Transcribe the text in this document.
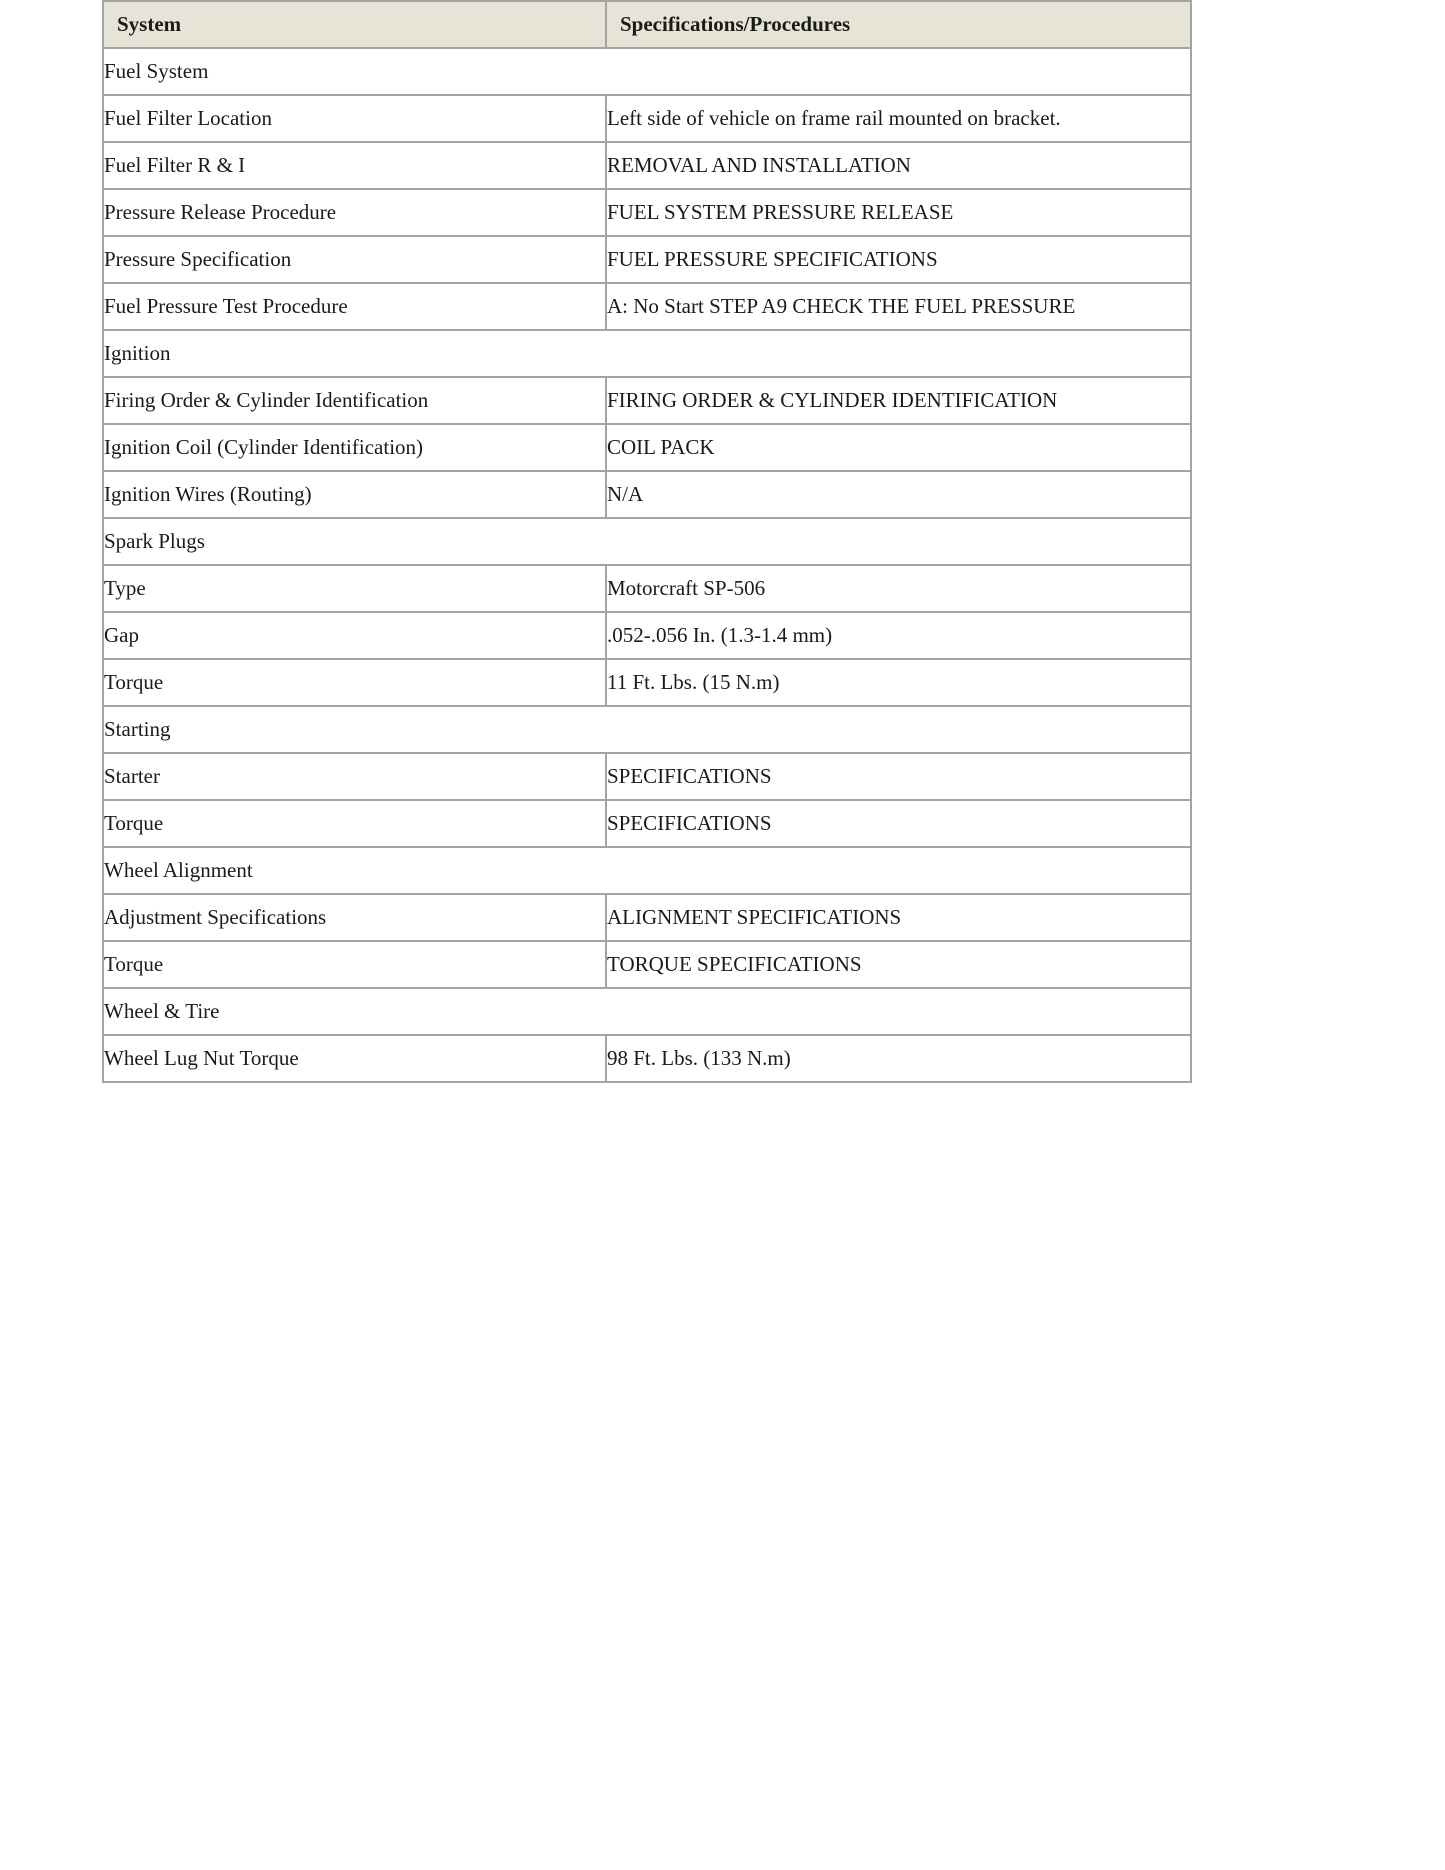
System	Specifications/Procedures
Fuel System	
Fuel Filter Location	Left side of vehicle on frame rail mounted on bracket.
Fuel Filter R & I	REMOVAL AND INSTALLATION
Pressure Release Procedure	FUEL SYSTEM PRESSURE RELEASE
Pressure Specification	FUEL PRESSURE SPECIFICATIONS
Fuel Pressure Test Procedure	A: No Start STEP A9 CHECK THE FUEL PRESSURE
Ignition	
Firing Order & Cylinder Identification	FIRING ORDER & CYLINDER IDENTIFICATION
Ignition Coil (Cylinder Identification)	COIL PACK
Ignition Wires (Routing)	N/A
Spark Plugs	
Type	Motorcraft SP-506
Gap	.052-.056 In. (1.3-1.4 mm)
Torque	11 Ft. Lbs. (15 N.m)
Starting	
Starter	SPECIFICATIONS
Torque	SPECIFICATIONS
Wheel Alignment	
Adjustment Specifications	ALIGNMENT SPECIFICATIONS
Torque	TORQUE SPECIFICATIONS
Wheel & Tire	
Wheel Lug Nut Torque	98 Ft. Lbs. (133 N.m)
